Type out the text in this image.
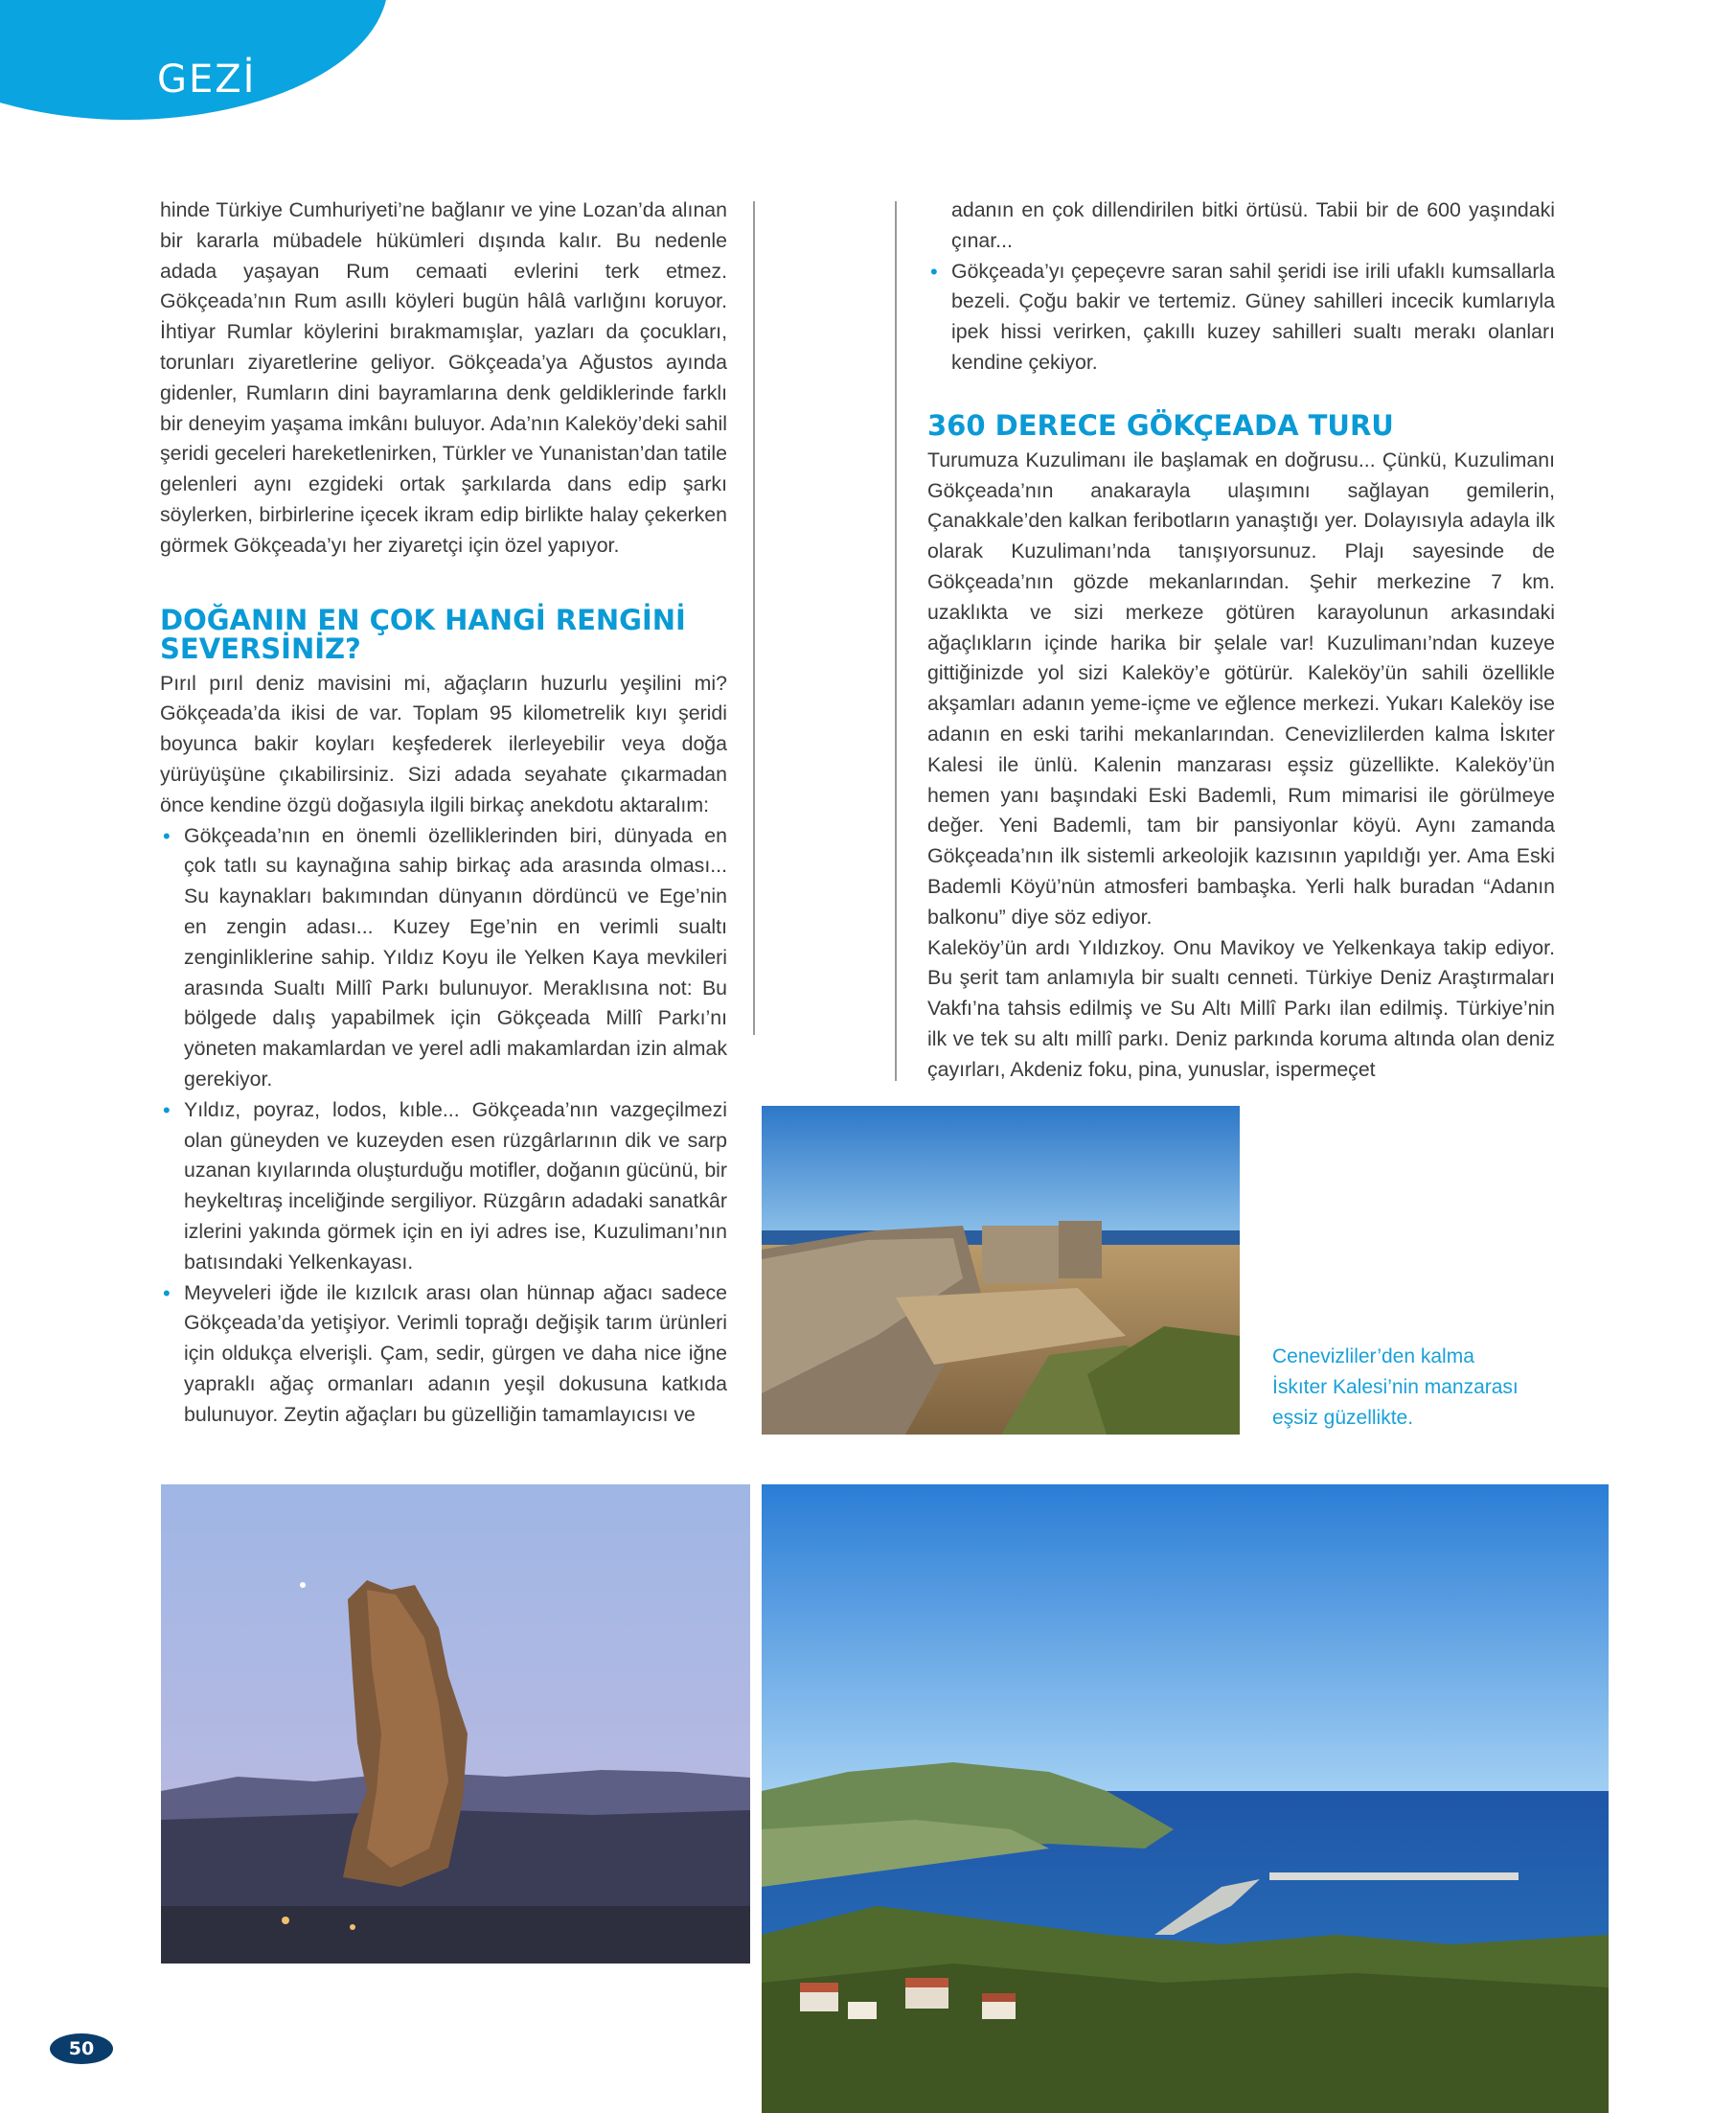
GEZİ

hinde Türkiye Cumhuriyeti’ne bağlanır ve yine Lozan’da alınan bir kararla mübadele hükümleri dışında kalır. Bu nedenle adada yaşayan Rum cemaati evlerini terk etmez. Gökçeada’nın Rum asıllı köyleri bugün hâlâ varlığını koruyor. İhtiyar Rumlar köylerini bırakmamışlar, yazları da çocukları, torunları ziyaretlerine geliyor. Gökçeada’ya Ağustos ayında gidenler, Rumların dini bayramlarına denk geldiklerinde farklı bir deneyim yaşama imkânı buluyor. Ada’nın Kaleköy’deki sahil şeridi geceleri hareketlenirken, Türkler ve Yunanistan’dan tatile gelenleri aynı ezgideki ortak şarkılarda dans edip şarkı söylerken, birbirlerine içecek ikram edip birlikte halay çekerken görmek Gökçeada’yı her ziyaretçi için özel yapıyor.

DOĞANIN EN ÇOK HANGİ RENGİNİ SEVERSİNİZ?

Pırıl pırıl deniz mavisini mi, ağaçların huzurlu yeşilini mi? Gökçeada’da ikisi de var. Toplam 95 kilometrelik kıyı şeridi boyunca bakir koyları keşfederek ilerleyebilir veya doğa yürüyüşüne çıkabilirsiniz. Sizi adada seyahate çıkarmadan önce kendine özgü doğasıyla ilgili birkaç anekdotu aktaralım:

• Gökçeada’nın en önemli özelliklerinden biri, dünyada en çok tatlı su kaynağına sahip birkaç ada arasında olması... Su kaynakları bakımından dünyanın dördüncü ve Ege’nin en zengin adası... Kuzey Ege’nin en verimli sualtı zenginliklerine sahip. Yıldız Koyu ile Yelken Kaya mevkileri arasında Sualtı Millî Parkı bulunuyor. Meraklısına not: Bu bölgede dalış yapabilmek için Gökçeada Millî Parkı’nı yöneten makamlardan ve yerel adli makamlardan izin almak gerekiyor.
• Yıldız, poyraz, lodos, kıble... Gökçeada’nın vazgeçilmezi olan güneyden ve kuzeyden esen rüzgârlarının dik ve sarp uzanan kıyılarında oluşturduğu motifler, doğanın gücünü, bir heykeltıraş inceliğinde sergiliyor. Rüzgârın adadaki sanatkâr izlerini yakında görmek için en iyi adres ise, Kuzulimanı’nın batısındaki Yelkenkayası.
• Meyveleri iğde ile kızılcık arası olan hünnap ağacı sadece Gökçeada’da yetişiyor. Verimli toprağı değişik tarım ürünleri için oldukça elverişli. Çam, sedir, gürgen ve daha nice iğne yapraklı ağaç ormanları adanın yeşil dokusuna katkıda bulunuyor. Zeytin ağaçları bu güzelliğin tamamlayıcısı ve

adanın en çok dillendirilen bitki örtüsü. Tabii bir de 600 yaşındaki çınar...

• Gökçeada’yı çepeçevre saran sahil şeridi ise irili ufaklı kumsallarla bezeli. Çoğu bakir ve tertemiz. Güney sahilleri incecik kumlarıyla ipek hissi verirken, çakıllı kuzey sahilleri sualtı merakı olanları kendine çekiyor.
360 DERECE GÖKÇEADA TURU

Turumuza Kuzulimanı ile başlamak en doğrusu... Çünkü, Kuzulimanı Gökçeada’nın anakarayla ulaşımını sağlayan gemilerin, Çanakkale’den kalkan feribotların yanaştığı yer. Dolayısıyla adayla ilk olarak Kuzulimanı’nda tanışıyorsunuz. Plajı sayesinde de Gökçeada’nın gözde mekanlarından. Şehir merkezine 7 km. uzaklıkta ve sizi merkeze götüren karayolunun arkasındaki ağaçlıkların içinde harika bir şelale var! Kuzulimanı’ndan kuzeye gittiğinizde yol sizi Kaleköy’e götürür. Kaleköy’ün sahili özellikle akşamları adanın yeme-içme ve eğlence merkezi. Yukarı Kaleköy ise adanın en eski tarihi mekanlarından. Cenevizlilerden kalma İskıter Kalesi ile ünlü. Kalenin manzarası eşsiz güzellikte. Kaleköy’ün hemen yanı başındaki Eski Bademli, Rum mimarisi ile görülmeye değer. Yeni Bademli, tam bir pansiyonlar köyü. Aynı zamanda Gökçeada’nın ilk sistemli arkeolojik kazısının yapıldığı yer. Ama Eski Bademli Köyü’nün atmosferi bambaşka. Yerli halk buradan “Adanın balkonu” diye söz ediyor.

Kaleköy’ün ardı Yıldızkoy. Onu Mavikoy ve Yelkenkaya takip ediyor. Bu şerit tam anlamıyla bir sualtı cenneti. Türkiye Deniz Araştırmaları Vakfı’na tahsis edilmiş ve Su Altı Millî Parkı ilan edilmiş. Türkiye’nin ilk ve tek su altı millî parkı. Deniz parkında koruma altında olan deniz çayırları, Akdeniz foku, pina, yunuslar, ispermeçet

Cenevizliler’den kalma İskıter Kalesi’nin manzarası eşsiz güzellikte.
50
